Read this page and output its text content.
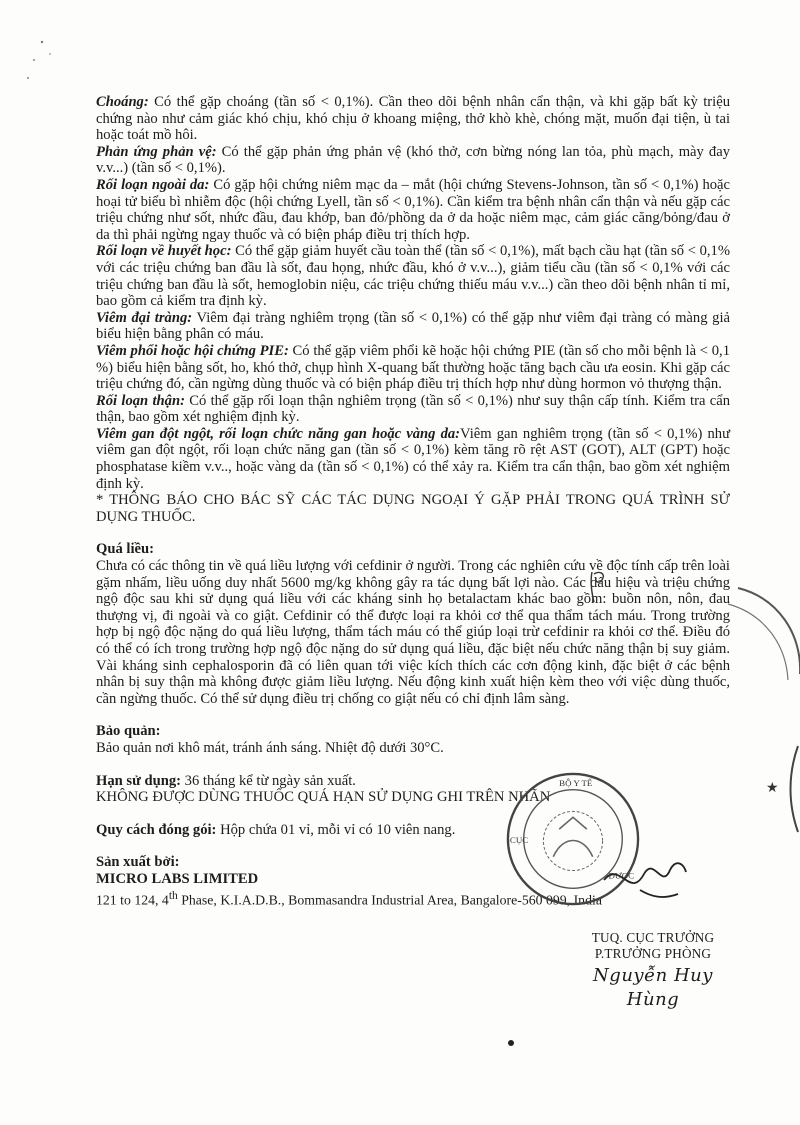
Choáng: Có thể gặp choáng (tần số < 0,1%). Cần theo dõi bệnh nhân cẩn thận, và khi gặp bất kỳ triệu chứng nào như cảm giác khó chịu, khó chịu ở khoang miệng, thở khò khè, chóng mặt, muốn đại tiện, ù tai hoặc toát mồ hôi.

Phản ứng phản vệ: Có thể gặp phản ứng phản vệ (khó thở, cơn bừng nóng lan tỏa, phù mạch, mày đay v.v...) (tần số < 0,1%).

Rối loạn ngoài da: Có gặp hội chứng niêm mạc da – mắt (hội chứng Stevens-Johnson, tần số < 0,1%) hoặc hoại tử biểu bì nhiễm độc (hội chứng Lyell, tần số < 0,1%). Cần kiểm tra bệnh nhân cẩn thận và nếu gặp các triệu chứng như sốt, nhức đầu, đau khớp, ban đỏ/phồng da ở da hoặc niêm mạc, cảm giác căng/bỏng/đau ở da thì phải ngừng ngay thuốc và có biện pháp điều trị thích hợp.

Rối loạn về huyết học: Có thể gặp giảm huyết cầu toàn thể (tần số < 0,1%), mất bạch cầu hạt (tần số < 0,1% với các triệu chứng ban đầu là sốt, đau họng, nhức đầu, khó ở v.v...), giảm tiểu cầu (tần số < 0,1% với các triệu chứng ban đầu là sốt, hemoglobin niệu, các triệu chứng thiếu máu v.v...) cần theo dõi bệnh nhân tỉ mỉ, bao gồm cả kiểm tra định kỳ.

Viêm đại tràng: Viêm đại tràng nghiêm trọng (tần số < 0,1%) có thể gặp như viêm đại tràng có màng giả biểu hiện bằng phân có máu.

Viêm phổi hoặc hội chứng PIE: Có thể gặp viêm phổi kẽ hoặc hội chứng PIE (tần số cho mỗi bệnh là < 0,1 %) biểu hiện bằng sốt, ho, khó thở, chụp hình X-quang bất thường hoặc tăng bạch cầu ưa eosin. Khi gặp các triệu chứng đó, cần ngừng dùng thuốc và có biện pháp điều trị thích hợp như dùng hormon vỏ thượng thận.

Rối loạn thận: Có thể gặp rối loạn thận nghiêm trọng (tần số < 0,1%) như suy thận cấp tính. Kiểm tra cẩn thận, bao gồm xét nghiệm định kỳ.

Viêm gan đột ngột, rối loạn chức năng gan hoặc vàng da:Viêm gan nghiêm trọng (tần số < 0,1%) như viêm gan đột ngột, rối loạn chức năng gan (tần số < 0,1%) kèm tăng rõ rệt AST (GOT), ALT (GPT) hoặc phosphatase kiềm v.v.., hoặc vàng da (tần số < 0,1%) có thể xảy ra. Kiểm tra cẩn thận, bao gồm xét nghiệm định kỳ.

* THÔNG BÁO CHO BÁC SỸ CÁC TÁC DỤNG NGOẠI Ý GẶP PHẢI TRONG QUÁ TRÌNH SỬ DỤNG THUỐC.

Quá liều:

Chưa có các thông tin về quá liều lượng với cefdinir ở người. Trong các nghiên cứu về độc tính cấp trên loài gặm nhấm, liều uống duy nhất 5600 mg/kg không gây ra tác dụng bất lợi nào. Các dấu hiệu và triệu chứng ngộ độc sau khi sử dụng quá liều với các kháng sinh họ betalactam khác bao gồm: buồn nôn, nôn, đau thượng vị, đi ngoài và co giật. Cefdinir có thể được loại ra khỏi cơ thể qua thẩm tách máu. Trong trường hợp bị ngộ độc nặng do quá liều lượng, thẩm tách máu có thể giúp loại trừ cefdinir ra khỏi cơ thể. Điều đó có thể có ích trong trường hợp ngộ độc nặng do sử dụng quá liều, đặc biệt nếu chức năng thận bị suy giảm. Vài kháng sinh cephalosporin đã có liên quan tới việc kích thích các cơn động kinh, đặc biệt ở các bệnh nhân bị suy thận mà không được giảm liều lượng. Nếu động kinh xuất hiện kèm theo với việc dùng thuốc, cần ngừng thuốc. Có thể sử dụng điều trị chống co giật nếu có chỉ định lâm sàng.

Bảo quản:

Bảo quản nơi khô mát, tránh ánh sáng. Nhiệt độ dưới 30°C.

Hạn sử dụng: 36 tháng kể từ ngày sản xuất.

KHÔNG ĐƯỢC DÙNG THUỐC QUÁ HẠN SỬ DỤNG GHI TRÊN NHÃN

Quy cách đóng gói: Hộp chứa 01 vỉ, mỗi vỉ có 10 viên nang.

Sản xuất bởi:

MICRO LABS LIMITED

121 to 124, 4th Phase, K.I.A.D.B., Bommasandra Industrial Area, Bangalore-560 099, India

★
BỘ Y TẾ
CỤC
DƯỢC
TUQ. CỤC TRƯỞNG
P.TRƯỞNG PHÒNG
Nguyễn Huy Hùng
